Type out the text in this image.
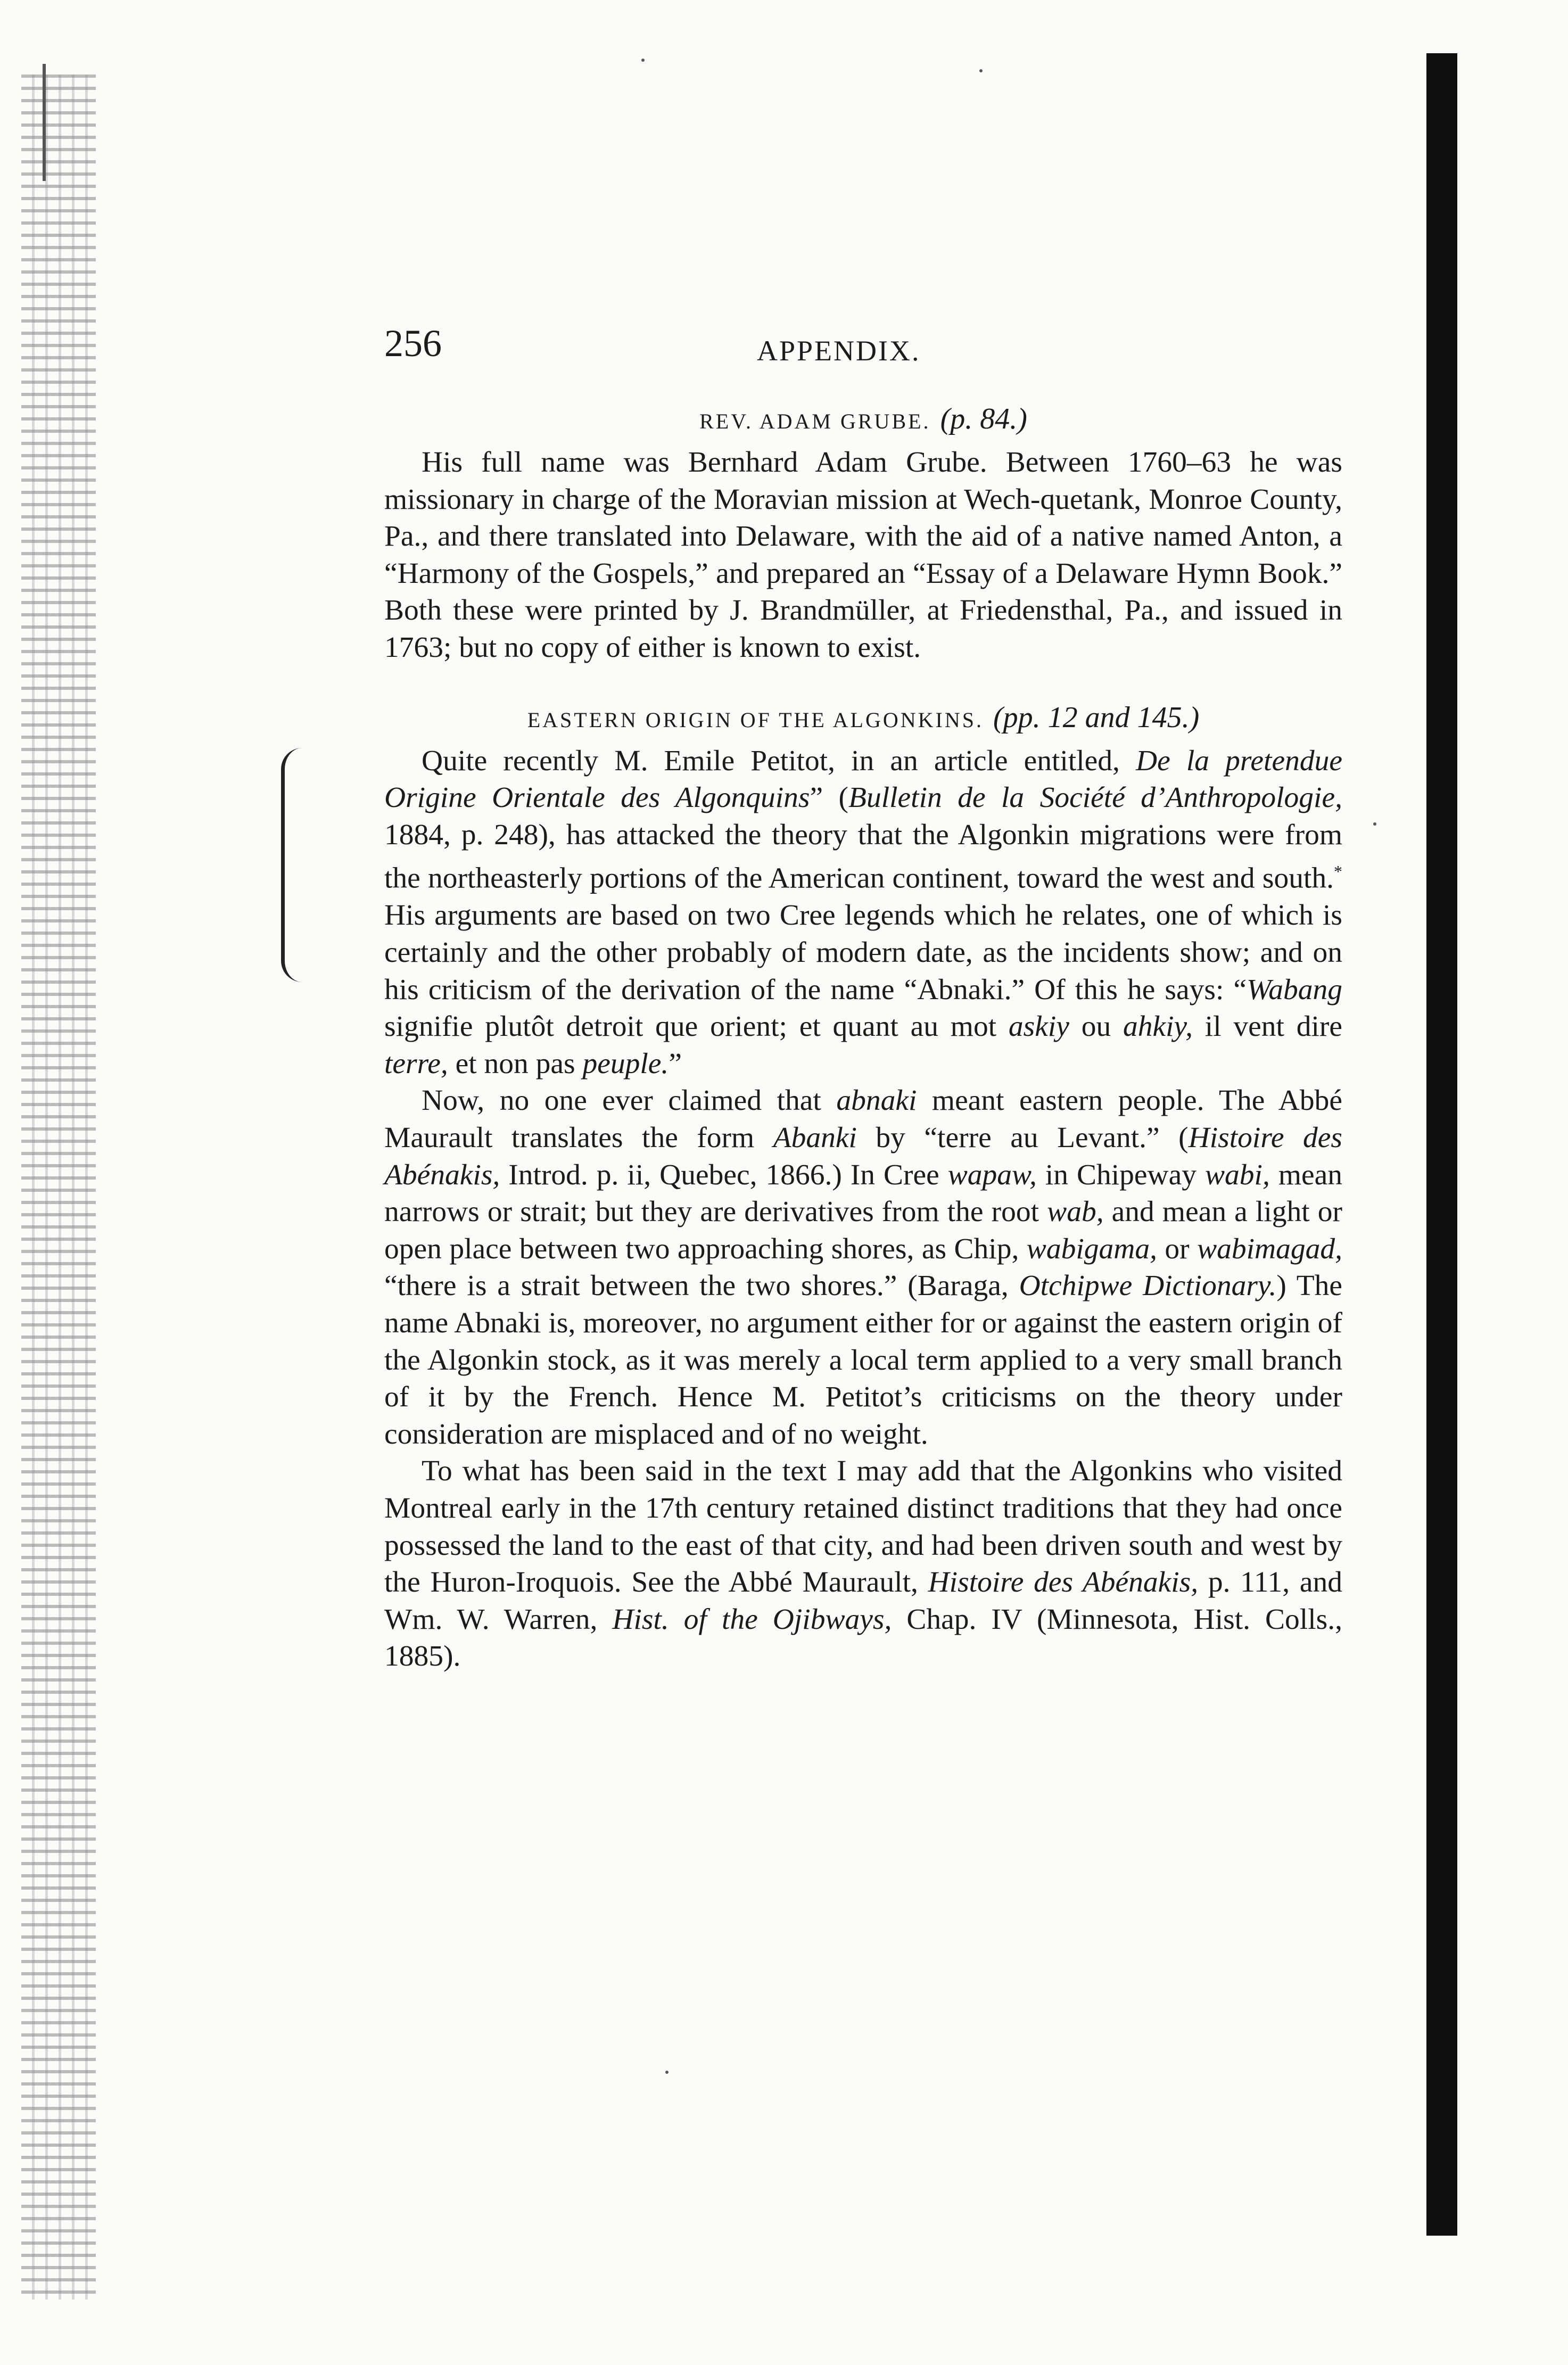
256	APPENDIX.
REV. ADAM GRUBE. (p. 84.)

His full name was Bernhard Adam Grube. Between 1760–63 he was missionary in charge of the Moravian mission at Wech-quetank, Monroe County, Pa., and there translated into Delaware, with the aid of a native named Anton, a “Harmony of the Gospels,” and prepared an “Essay of a Delaware Hymn Book.” Both these were printed by J. Brandmüller, at Friedensthal, Pa., and issued in 1763; but no copy of either is known to exist.

EASTERN ORIGIN OF THE ALGONKINS. (pp. 12 and 145.)

Quite recently M. Emile Petitot, in an article entitled, De la pretendue Origine Orientale des Algonquins” (Bulletin de la Société d’Anthropologie, 1884, p. 248), has attacked the theory that the Algonkin migrations were from the northeasterly portions of the American continent, toward the west and south.* His arguments are based on two Cree legends which he relates, one of which is certainly and the other probably of modern date, as the incidents show; and on his criticism of the derivation of the name “Abnaki.” Of this he says: “Wabang signifie plutôt detroit que orient; et quant au mot askiy ou ahkiy, il vent dire terre, et non pas peuple.”

Now, no one ever claimed that abnaki meant eastern people. The Abbé Maurault translates the form Abanki by “terre au Levant.” (Histoire des Abénakis, Introd. p. ii, Quebec, 1866.) In Cree wapaw, in Chipeway wabi, mean narrows or strait; but they are derivatives from the root wab, and mean a light or open place between two approaching shores, as Chip, wabigama, or wabimagad, “there is a strait between the two shores.” (Baraga, Otchipwe Dictionary.) The name Abnaki is, moreover, no argument either for or against the eastern origin of the Algonkin stock, as it was merely a local term applied to a very small branch of it by the French. Hence M. Petitot’s criticisms on the theory under consideration are misplaced and of no weight.

To what has been said in the text I may add that the Algonkins who visited Montreal early in the 17th century retained distinct traditions that they had once possessed the land to the east of that city, and had been driven south and west by the Huron-Iroquois. See the Abbé Maurault, Histoire des Abénakis, p. 111, and Wm. W. Warren, Hist. of the Ojibways, Chap. IV (Minnesota, Hist. Colls., 1885).
